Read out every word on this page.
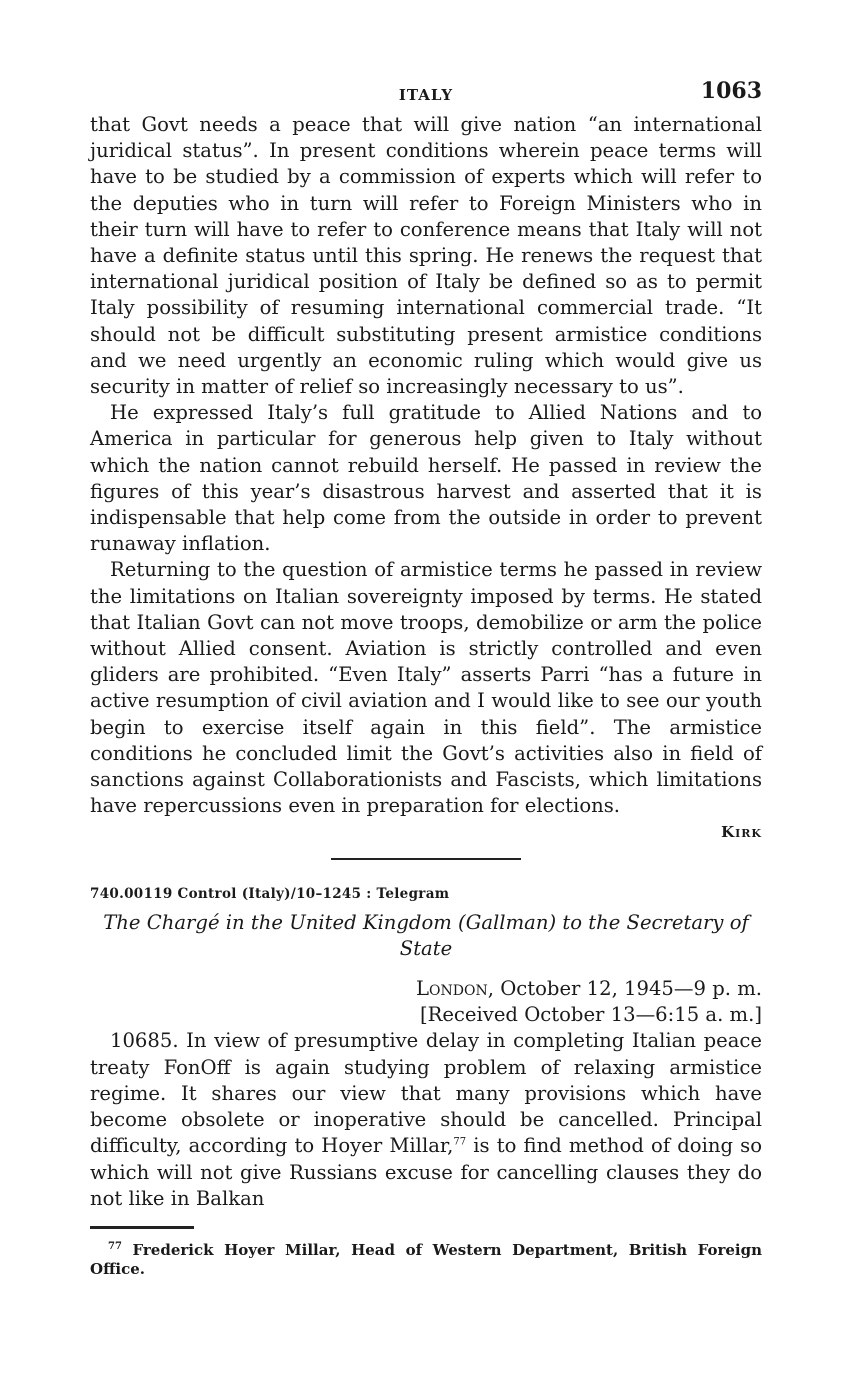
ITALY	1063

that Govt needs a peace that will give nation “an international juridical status”. In present conditions wherein peace terms will have to be studied by a commission of experts which will refer to the deputies who in turn will refer to Foreign Ministers who in their turn will have to refer to conference means that Italy will not have a definite status until this spring. He renews the request that international juridical position of Italy be defined so as to permit Italy possibility of resuming international commercial trade. “It should not be difficult substituting present armistice conditions and we need urgently an economic ruling which would give us security in matter of relief so increasingly necessary to us”.

He expressed Italy’s full gratitude to Allied Nations and to America in particular for generous help given to Italy without which the nation cannot rebuild herself. He passed in review the figures of this year’s disastrous harvest and asserted that it is indispensable that help come from the outside in order to prevent runaway inflation.

Returning to the question of armistice terms he passed in review the limitations on Italian sovereignty imposed by terms. He stated that Italian Govt can not move troops, demobilize or arm the police without Allied consent. Aviation is strictly controlled and even gliders are prohibited. “Even Italy” asserts Parri “has a future in active resumption of civil aviation and I would like to see our youth begin to exercise itself again in this field”. The armistice conditions he concluded limit the Govt’s activities also in field of sanctions against Collaborationists and Fascists, which limitations have repercussions even in preparation for elections.

Kirk
740.00119 Control (Italy)/10–1245 : Telegram
The Chargé in the United Kingdom (Gallman) to the Secretary of State
London, October 12, 1945—9 p. m.
[Received October 13—6:15 a. m.]

10685. In view of presumptive delay in completing Italian peace treaty FonOff is again studying problem of relaxing armistice regime. It shares our view that many provisions which have become obsolete or inoperative should be cancelled. Principal difficulty, according to Hoyer Millar,$^{77}$ is to find method of doing so which will not give Russians excuse for cancelling clauses they do not like in Balkan

$^{77}$ Frederick Hoyer Millar, Head of Western Department, British Foreign Office.
